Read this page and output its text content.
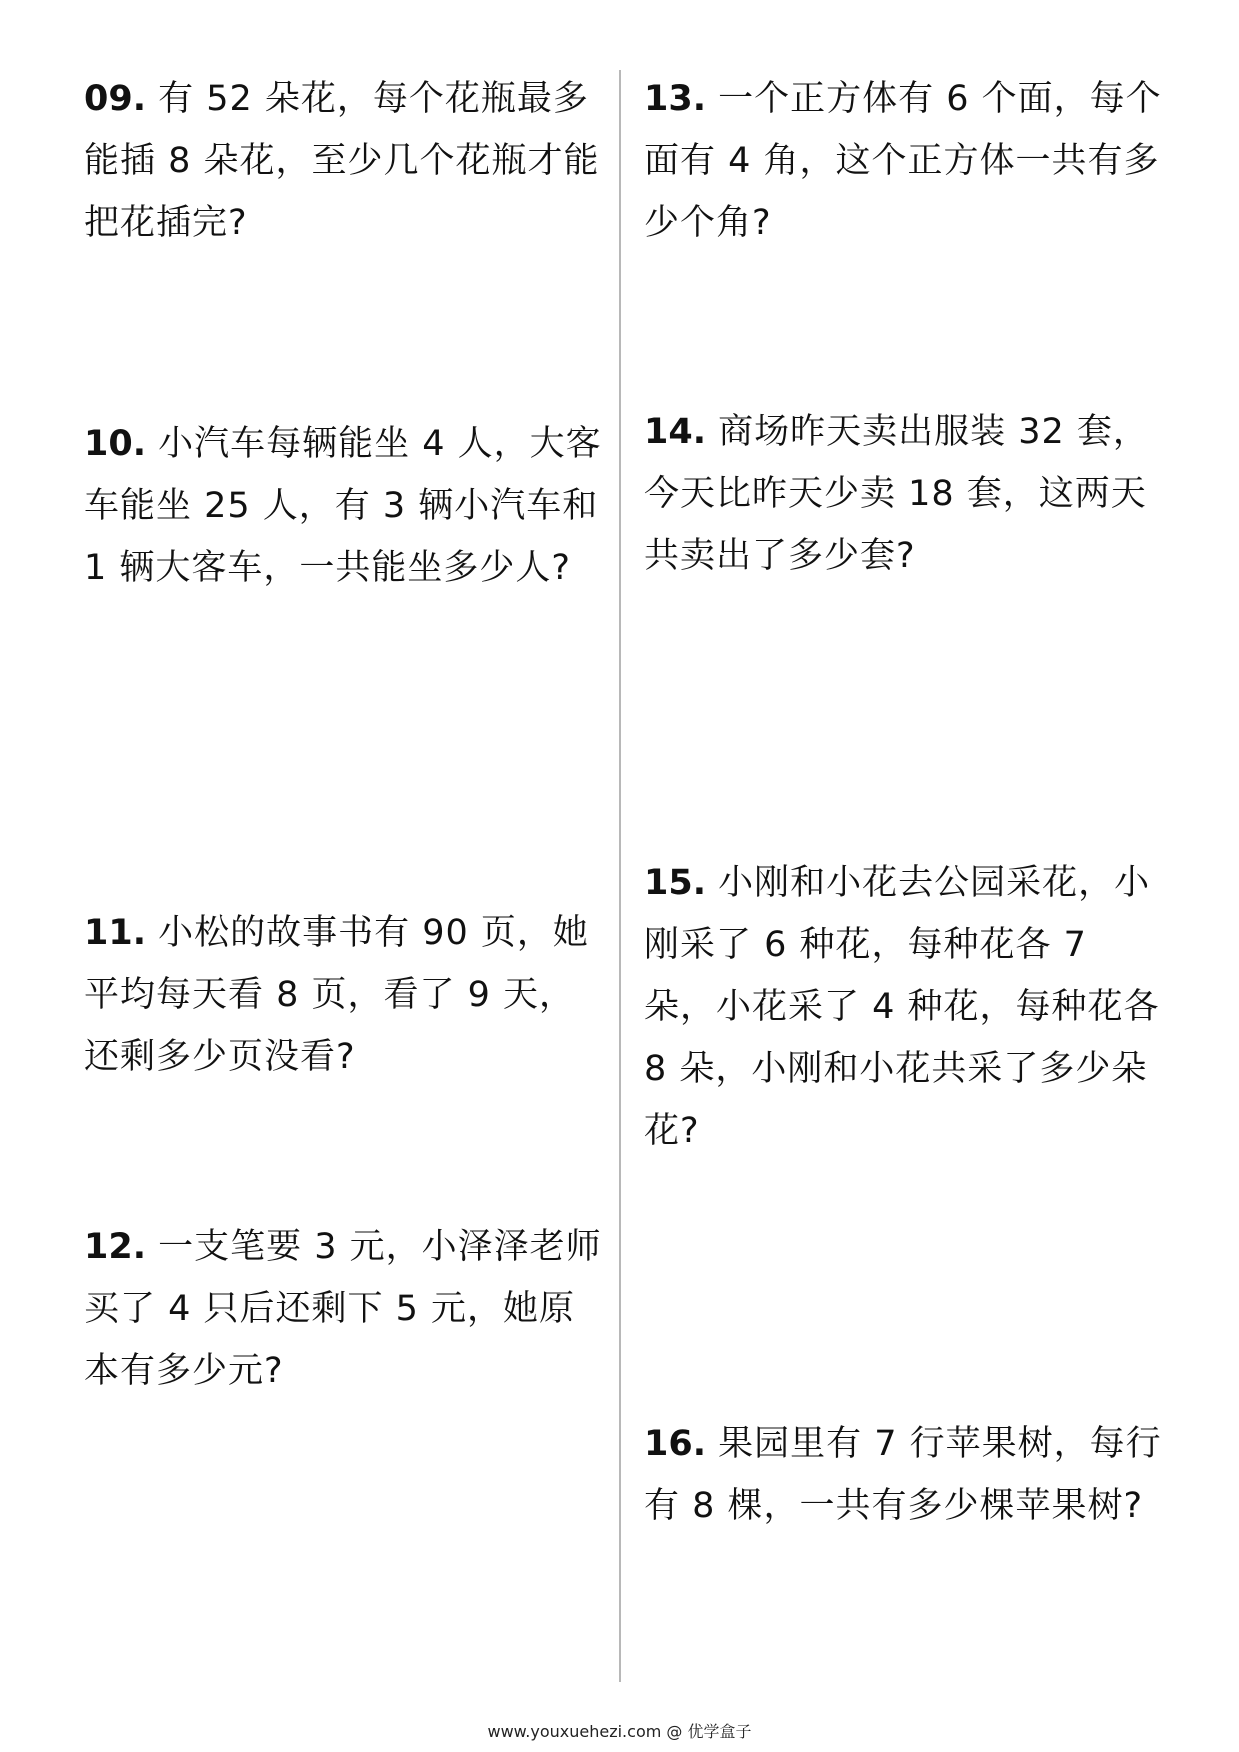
09. 有 52 朵花，每个花瓶最多能插 8 朵花，至少几个花瓶才能把花插完?

10. 小汽车每辆能坐 4 人，大客车能坐 25 人，有 3 辆小汽车和 1 辆大客车，一共能坐多少人?

11. 小松的故事书有 90 页，她平均每天看 8 页，看了 9 天，还剩多少页没看?

12. 一支笔要 3 元，小泽泽老师买了 4 只后还剩下 5 元，她原本有多少元?

13. 一个正方体有 6 个面，每个面有 4 角，这个正方体一共有多少个角?

14. 商场昨天卖出服装 32 套，今天比昨天少卖 18 套，这两天共卖出了多少套?

15. 小刚和小花去公园采花，小刚采了 6 种花，每种花各 7 朵，小花采了 4 种花，每种花各 8 朵，小刚和小花共采了多少朵花?

16. 果园里有 7 行苹果树，每行有 8 棵，一共有多少棵苹果树?

www.youxuehezi.com @ 优学盒子
